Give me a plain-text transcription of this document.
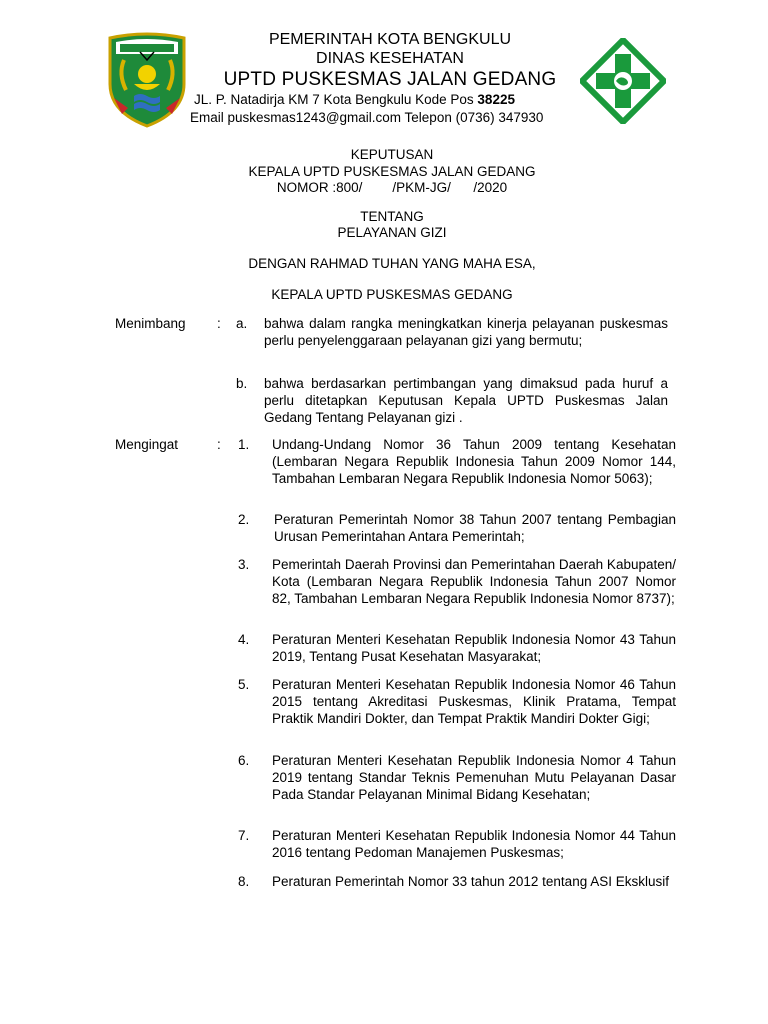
PEMERINTAH KOTA BENGKULU
DINAS KESEHATAN
UPTD PUSKESMAS JALAN GEDANG
JL. P. Natadirja KM 7 Kota Bengkulu Kode Pos 38225
Email puskesmas1243@gmail.com Telepon (0736) 347930
KEPUTUSAN
KEPALA UPTD PUSKESMAS JALAN GEDANG
NOMOR :800/        /PKM-JG/      /2020
TENTANG
PELAYANAN GIZI
DENGAN RAHMAD TUHAN YANG MAHA ESA,
KEPALA UPTD PUSKESMAS GEDANG
Menimbang : a. bahwa dalam rangka meningkatkan kinerja pelayanan puskesmas perlu penyelenggaraan pelayanan gizi yang bermutu;
b. bahwa berdasarkan pertimbangan yang dimaksud pada huruf a perlu ditetapkan Keputusan Kepala UPTD Puskesmas Jalan Gedang Tentang Pelayanan gizi .
Mengingat	: 1. Undang-Undang Nomor 36 Tahun 2009 tentang Kesehatan (Lembaran Negara Republik Indonesia Tahun 2009 Nomor 144, Tambahan Lembaran Negara Republik Indonesia Nomor 5063);
2. Peraturan Pemerintah Nomor 38 Tahun 2007 tentang Pembagian Urusan Pemerintahan Antara Pemerintah;
3. Pemerintah Daerah Provinsi dan Pemerintahan Daerah Kabupaten/ Kota (Lembaran Negara Republik Indonesia Tahun 2007 Nomor 82, Tambahan Lembaran Negara Republik Indonesia Nomor 8737);
4. Peraturan Menteri Kesehatan Republik Indonesia Nomor 43 Tahun 2019, Tentang Pusat Kesehatan Masyarakat;
5. Peraturan Menteri Kesehatan Republik Indonesia Nomor 46 Tahun 2015 tentang Akreditasi Puskesmas, Klinik Pratama, Tempat Praktik Mandiri Dokter, dan Tempat Praktik Mandiri Dokter Gigi;
6. Peraturan Menteri Kesehatan Republik Indonesia Nomor 4 Tahun 2019 tentang Standar Teknis Pemenuhan Mutu Pelayanan Dasar Pada Standar Pelayanan Minimal Bidang Kesehatan;
7. Peraturan Menteri Kesehatan Republik Indonesia Nomor 44 Tahun 2016 tentang Pedoman Manajemen Puskesmas;
8. Peraturan Pemerintah Nomor 33 tahun 2012 tentang ASI Eksklusif
